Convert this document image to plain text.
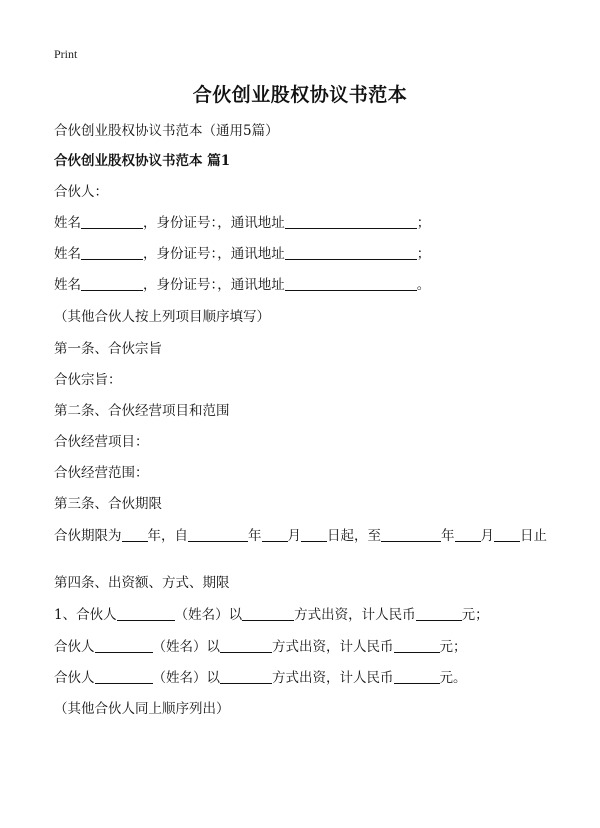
Print
合伙创业股权协议书范本
合伙创业股权协议书范本（通用5篇）
合伙创业股权协议书范本 篇1
合伙人：
姓名	，身份证号：，通讯地址	；
姓名	，身份证号：，通讯地址	；
姓名	，身份证号：，通讯地址	。
（其他合伙人按上列项目顺序填写）
第一条、合伙宗旨
合伙宗旨：
第二条、合伙经营项目和范围
合伙经营项目：
合伙经营范围：
第三条、合伙期限
合伙期限为 年，自	年 月 日起，至	年 月 日止
第四条、出资额、方式、期限
1、合伙人	（姓名）以	方式出资，计人民币	元；
合伙人	（姓名）以	方式出资，计人民币	元；
合伙人	（姓名）以	方式出资，计人民币	元。
（其他合伙人同上顺序列出）
